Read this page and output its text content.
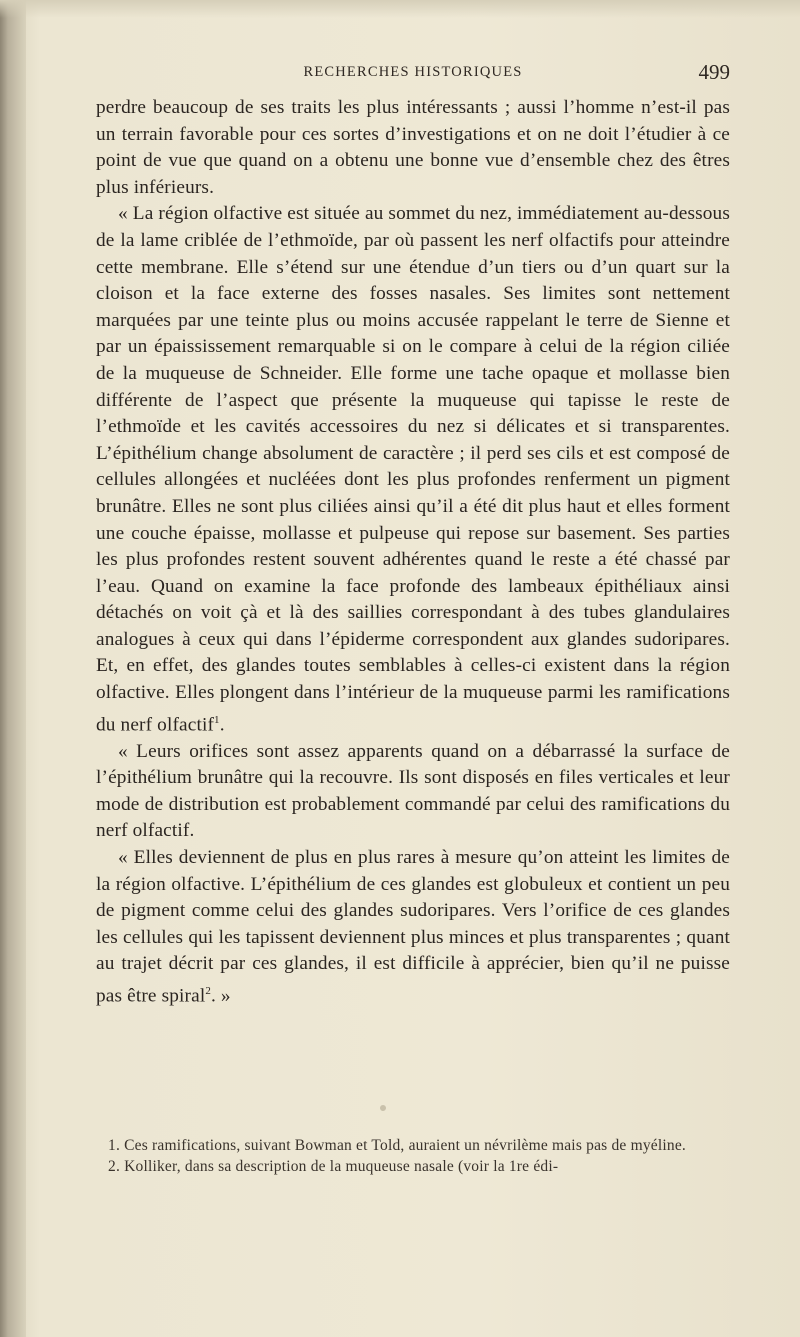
RECHERCHES HISTORIQUES	499

perdre beaucoup de ses traits les plus intéressants ; aussi l’homme n’est-il pas un terrain favorable pour ces sortes d’investigations et on ne doit l’étudier à ce point de vue que quand on a obtenu une bonne vue d’ensemble chez des êtres plus inférieurs.

« La région olfactive est située au sommet du nez, immédiatement au-dessous de la lame criblée de l’ethmoïde, par où passent les nerf olfactifs pour atteindre cette membrane. Elle s’étend sur une étendue d’un tiers ou d’un quart sur la cloison et la face externe des fosses nasales. Ses limites sont nettement marquées par une teinte plus ou moins accusée rappelant le terre de Sienne et par un épaississement remarquable si on le compare à celui de la région ciliée de la muqueuse de Schneider. Elle forme une tache opaque et mollasse bien différente de l’aspect que présente la muqueuse qui tapisse le reste de l’ethmoïde et les cavités accessoires du nez si délicates et si transparentes. L’épithélium change absolument de caractère ; il perd ses cils et est composé de cellules allongées et nucléées dont les plus profondes renferment un pigment brunâtre. Elles ne sont plus ciliées ainsi qu’il a été dit plus haut et elles forment une couche épaisse, mollasse et pulpeuse qui repose sur basement. Ses parties les plus profondes restent souvent adhérentes quand le reste a été chassé par l’eau. Quand on examine la face profonde des lambeaux épithéliaux ainsi détachés on voit çà et là des saillies correspondant à des tubes glandulaires analogues à ceux qui dans l’épiderme correspondent aux glandes sudoripares. Et, en effet, des glandes toutes semblables à celles-ci existent dans la région olfactive. Elles plongent dans l’intérieur de la muqueuse parmi les ramifications du nerf olfactif$^1$.

« Leurs orifices sont assez apparents quand on a débarrassé la surface de l’épithélium brunâtre qui la recouvre. Ils sont disposés en files verticales et leur mode de distribution est probablement commandé par celui des ramifications du nerf olfactif.

« Elles deviennent de plus en plus rares à mesure qu’on atteint les limites de la région olfactive. L’épithélium de ces glandes est globuleux et contient un peu de pigment comme celui des glandes sudoripares. Vers l’orifice de ces glandes les cellules qui les tapissent deviennent plus minces et plus transparentes ; quant au trajet décrit par ces glandes, il est difficile à apprécier, bien qu’il ne puisse pas être spiral$^2$. »

1. Ces ramifications, suivant Bowman et Told, auraient un névrilème mais pas de myéline.

2. Kolliker, dans sa description de la muqueuse nasale (voir la 1re édi-
